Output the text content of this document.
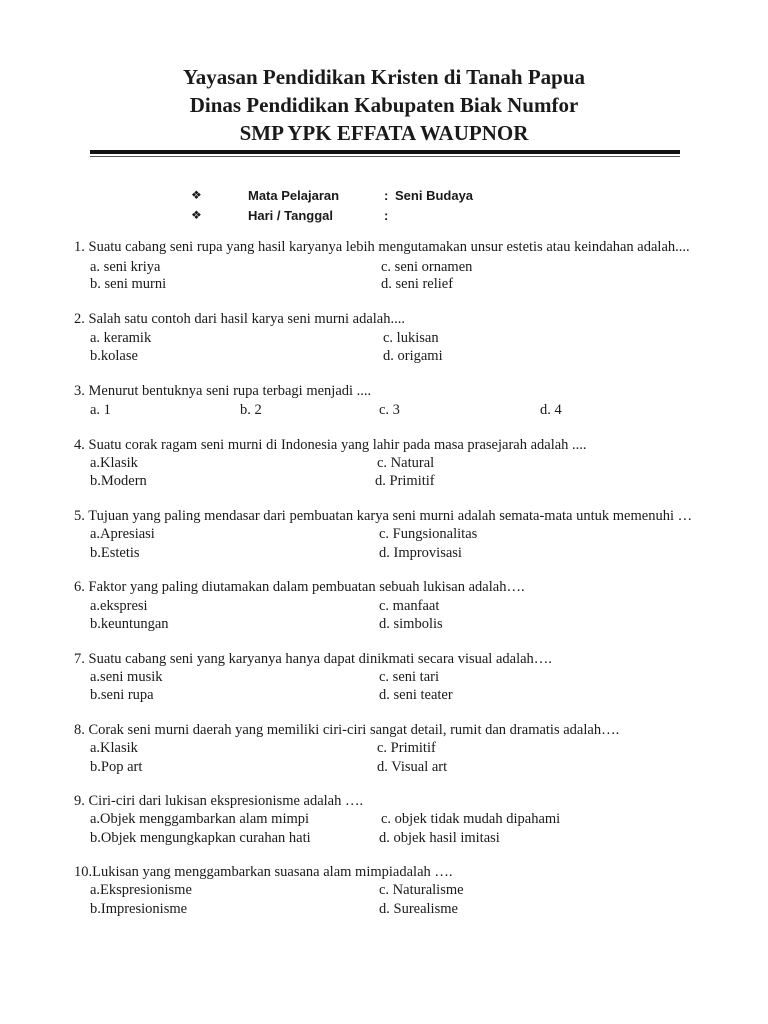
Yayasan Pendidikan Kristen di Tanah Papua
Dinas Pendidikan Kabupaten Biak Numfor
SMP YPK EFFATA WAUPNOR
❖	Mata Pelajaran	: Seni Budaya
❖	Hari / Tanggal	:
1. Suatu cabang seni rupa yang hasil karyanya lebih mengutamakan unsur estetis atau keindahan adalah....
a. seni kriya	c. seni ornamen
b. seni murni	d. seni relief
2. Salah satu contoh dari hasil karya seni murni adalah....
a. keramik	c. lukisan
b.kolase	d. origami
3. Menurut bentuknya seni rupa terbagi menjadi ....
a. 1	b. 2	c. 3	d. 4
4. Suatu corak ragam seni murni di Indonesia yang lahir pada masa prasejarah adalah ....
a.Klasik	c. Natural
b.Modern	d. Primitif
5. Tujuan yang paling mendasar dari pembuatan karya seni murni adalah semata-mata untuk memenuhi …
a.Apresiasi	c. Fungsionalitas
b.Estetis	d. Improvisasi
6. Faktor yang paling diutamakan dalam pembuatan sebuah lukisan adalah….
a.ekspresi	c. manfaat
b.keuntungan	d. simbolis
7. Suatu cabang seni yang karyanya hanya dapat dinikmati secara visual adalah….
a.seni musik	c. seni tari
b.seni rupa	d. seni teater
8. Corak seni murni daerah yang memiliki ciri-ciri sangat detail, rumit dan dramatis adalah….
a.Klasik	c. Primitif
b.Pop art	d. Visual art
9. Ciri-ciri dari lukisan ekspresionisme adalah ….
a.Objek menggambarkan alam mimpi	c. objek tidak mudah dipahami
b.Objek mengungkapkan curahan hati	d. objek hasil imitasi
10.Lukisan yang menggambarkan suasana alam mimpiadalah ….
a.Ekspresionisme	c. Naturalisme
b.Impresionisme	d. Surealisme
